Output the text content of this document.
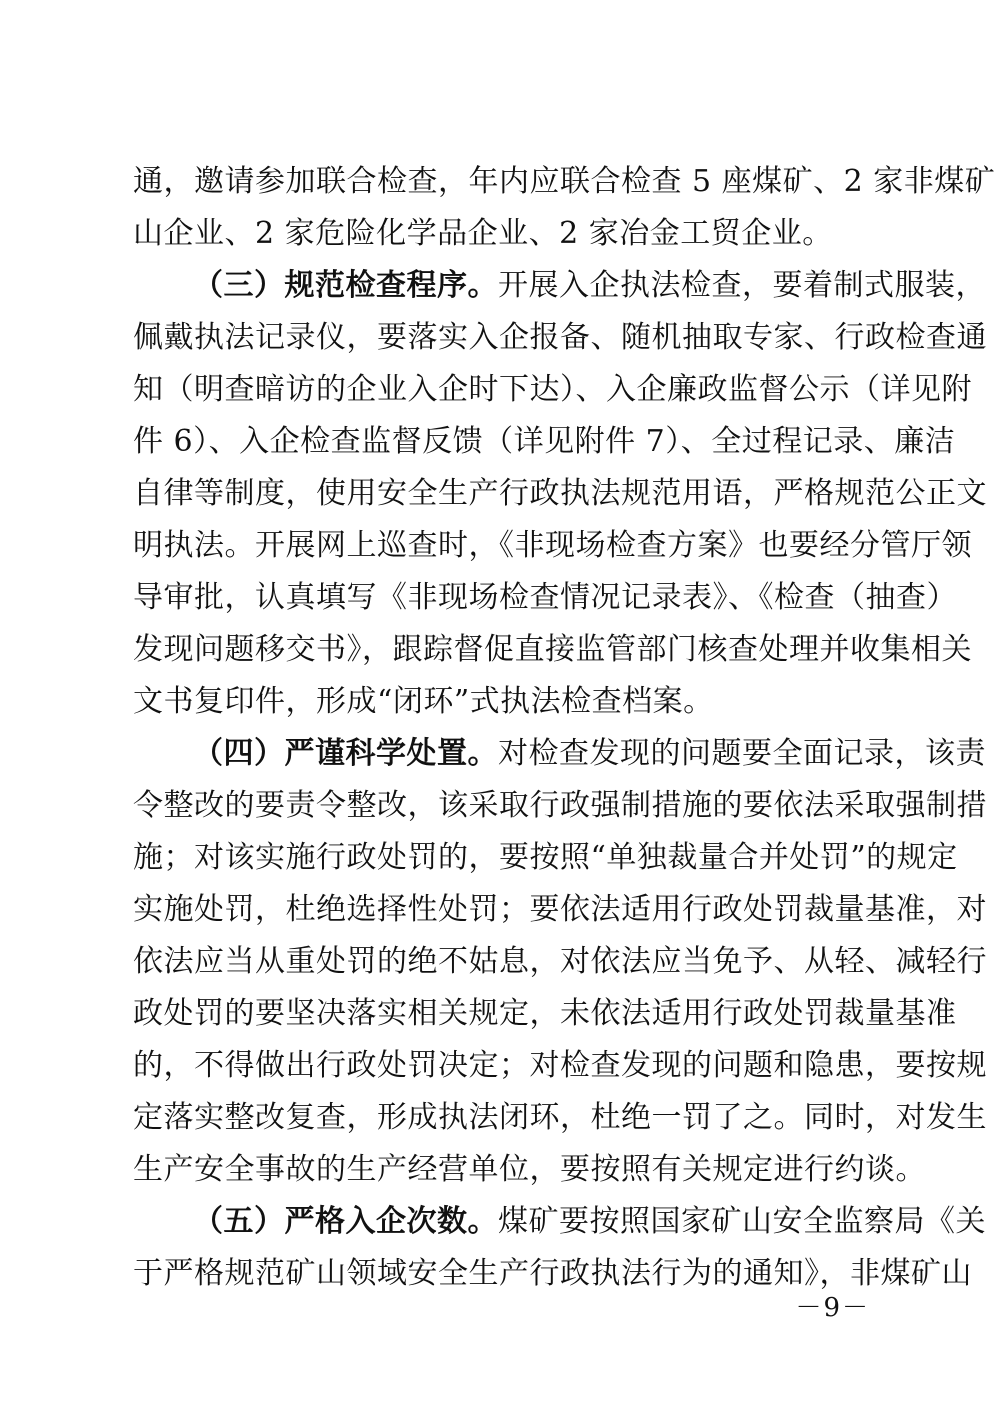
通，邀请参加联合检查，年内应联合检查 5 座煤矿、2 家非煤矿
山企业、2 家危险化学品企业、2 家冶金工贸企业。
（三）规范检查程序。开展入企执法检查，要着制式服装，
佩戴执法记录仪，要落实入企报备、随机抽取专家、行政检查通
知（明查暗访的企业入企时下达）、入企廉政监督公示（详见附
件 6）、入企检查监督反馈（详见附件 7）、全过程记录、廉洁
自律等制度，使用安全生产行政执法规范用语，严格规范公正文
明执法。开展网上巡查时，《非现场检查方案》也要经分管厅领
导审批，认真填写《非现场检查情况记录表》、《检查（抽查）
发现问题移交书》，跟踪督促直接监管部门核查处理并收集相关
文书复印件，形成“闭环”式执法检查档案。
（四）严谨科学处置。对检查发现的问题要全面记录，该责
令整改的要责令整改，该采取行政强制措施的要依法采取强制措
施；对该实施行政处罚的，要按照“单独裁量合并处罚”的规定
实施处罚，杜绝选择性处罚；要依法适用行政处罚裁量基准，对
依法应当从重处罚的绝不姑息，对依法应当免予、从轻、减轻行
政处罚的要坚决落实相关规定，未依法适用行政处罚裁量基准
的，不得做出行政处罚决定；对检查发现的问题和隐患，要按规
定落实整改复查，形成执法闭环，杜绝一罚了之。同时，对发生
生产安全事故的生产经营单位，要按照有关规定进行约谈。
（五）严格入企次数。煤矿要按照国家矿山安全监察局《关
于严格规范矿山领域安全生产行政执法行为的通知》，非煤矿山
－9－
